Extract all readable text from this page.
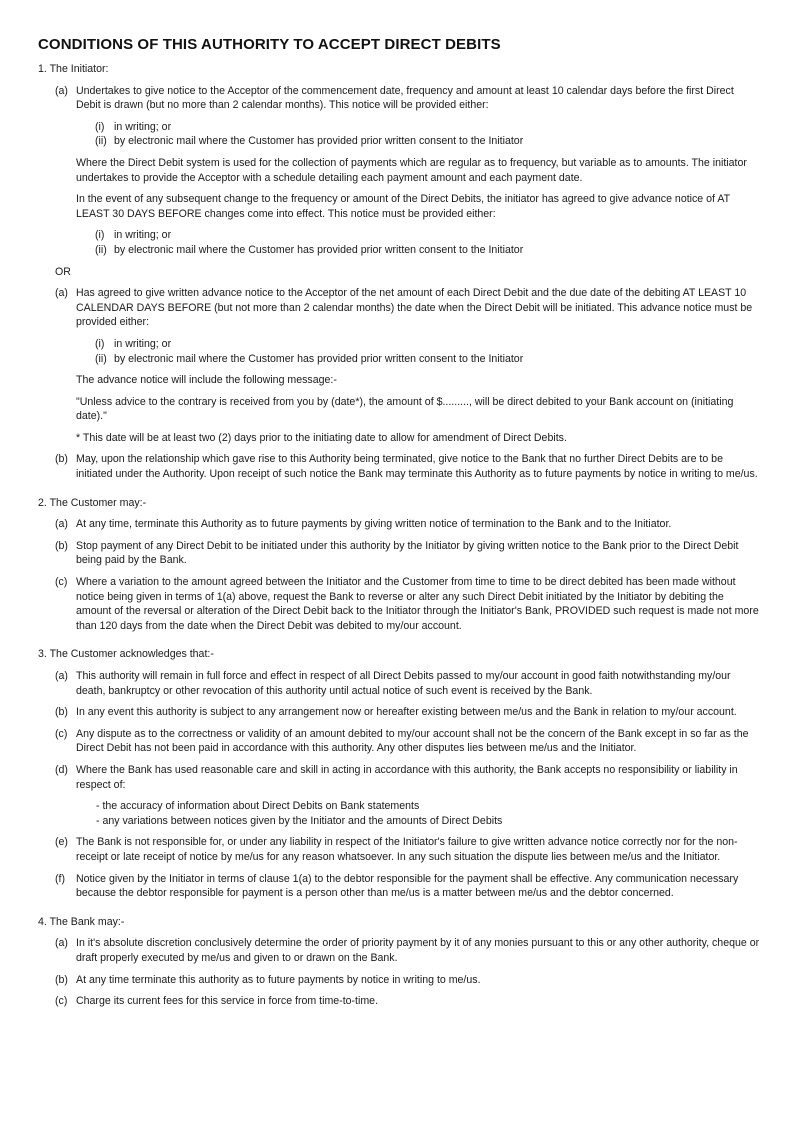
CONDITIONS OF THIS AUTHORITY TO ACCEPT DIRECT DEBITS
1. The Initiator:
(a) Undertakes to give notice to the Acceptor of the commencement date, frequency and amount at least 10 calendar days before the first Direct Debit is drawn (but no more than 2 calendar months). This notice will be provided either:
(i) in writing; or
(ii) by electronic mail where the Customer has provided prior written consent to the Initiator
Where the Direct Debit system is used for the collection of payments which are regular as to frequency, but variable as to amounts. The initiator undertakes to provide the Acceptor with a schedule detailing each payment amount and each payment date.
In the event of any subsequent change to the frequency or amount of the Direct Debits, the initiator has agreed to give advance notice of AT LEAST 30 DAYS BEFORE changes come into effect. This notice must be provided either:
(i) in writing; or
(ii) by electronic mail where the Customer has provided prior written consent to the Initiator
OR
(a) Has agreed to give written advance notice to the Acceptor of the net amount of each Direct Debit and the due date of the debiting AT LEAST 10 CALENDAR DAYS BEFORE (but not more than 2 calendar months) the date when the Direct Debit will be initiated. This advance notice must be provided either:
(i) in writing; or
(ii) by electronic mail where the Customer has provided prior written consent to the Initiator
The advance notice will include the following message:-
"Unless advice to the contrary is received from you by (date*), the amount of $........., will be direct debited to your Bank account on (initiating date)."
* This date will be at least two (2) days prior to the initiating date to allow for amendment of Direct Debits.
(b) May, upon the relationship which gave rise to this Authority being terminated, give notice to the Bank that no further Direct Debits are to be initiated under the Authority. Upon receipt of such notice the Bank may terminate this Authority as to future payments by notice in writing to me/us.
2. The Customer may:-
(a) At any time, terminate this Authority as to future payments by giving written notice of termination to the Bank and to the Initiator.
(b) Stop payment of any Direct Debit to be initiated under this authority by the Initiator by giving written notice to the Bank prior to the Direct Debit being paid by the Bank.
(c) Where a variation to the amount agreed between the Initiator and the Customer from time to time to be direct debited has been made without notice being given in terms of 1(a) above, request the Bank to reverse or alter any such Direct Debit initiated by the Initiator by debiting the amount of the reversal or alteration of the Direct Debit back to the Initiator through the Initiator's Bank, PROVIDED such request is made not more than 120 days from the date when the Direct Debit was debited to my/our account.
3. The Customer acknowledges that:-
(a) This authority will remain in full force and effect in respect of all Direct Debits passed to my/our account in good faith notwithstanding my/our death, bankruptcy or other revocation of this authority until actual notice of such event is received by the Bank.
(b) In any event this authority is subject to any arrangement now or hereafter existing between me/us and the Bank in relation to my/our account.
(c) Any dispute as to the correctness or validity of an amount debited to my/our account shall not be the concern of the Bank except in so far as the Direct Debit has not been paid in accordance with this authority. Any other disputes lies between me/us and the Initiator.
(d) Where the Bank has used reasonable care and skill in acting in accordance with this authority, the Bank accepts no responsibility or liability in respect of:
- the accuracy of information about Direct Debits on Bank statements
- any variations between notices given by the Initiator and the amounts of Direct Debits
(e) The Bank is not responsible for, or under any liability in respect of the Initiator's failure to give written advance notice correctly nor for the non-receipt or late receipt of notice by me/us for any reason whatsoever. In any such situation the dispute lies between me/us and the Initiator.
(f) Notice given by the Initiator in terms of clause 1(a) to the debtor responsible for the payment shall be effective. Any communication necessary because the debtor responsible for payment is a person other than me/us is a matter between me/us and the debtor concerned.
4. The Bank may:-
(a) In it's absolute discretion conclusively determine the order of priority payment by it of any monies pursuant to this or any other authority, cheque or draft properly executed by me/us and given to or drawn on the Bank.
(b) At any time terminate this authority as to future payments by notice in writing to me/us.
(c) Charge its current fees for this service in force from time-to-time.
